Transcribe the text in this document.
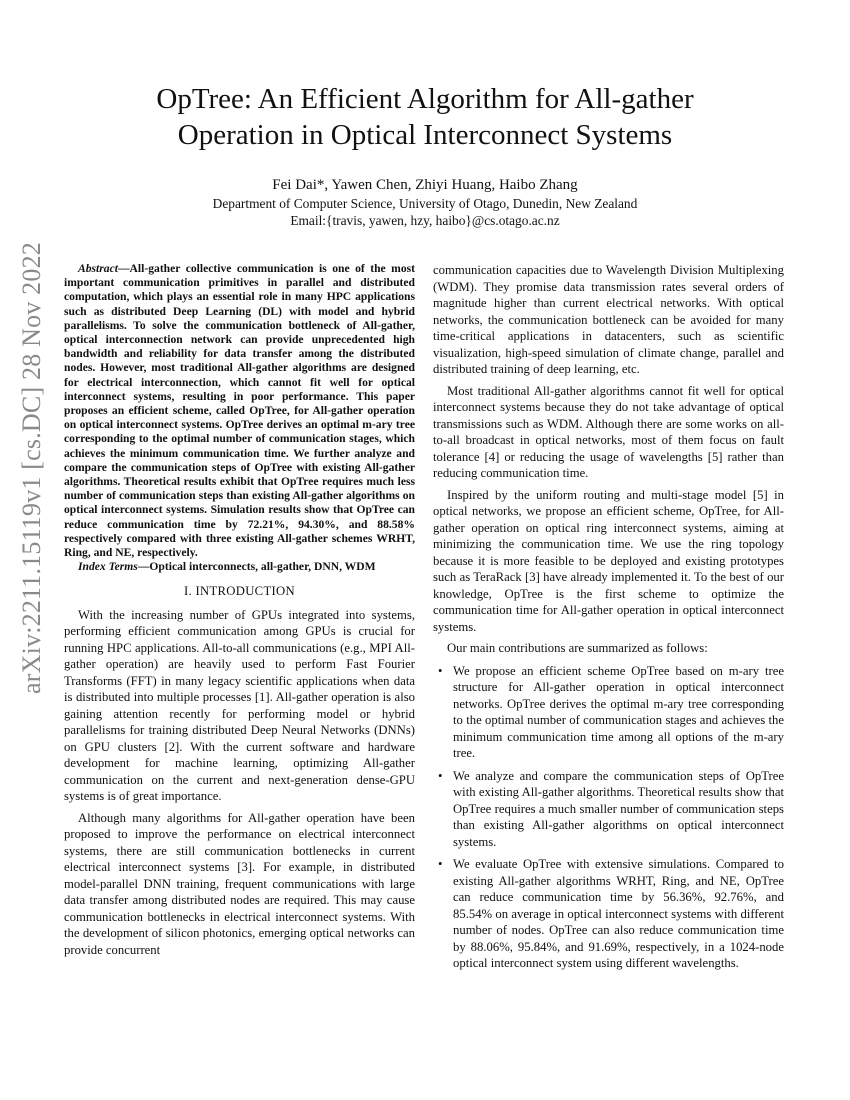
arXiv:2211.15119v1 [cs.DC] 28 Nov 2022
OpTree: An Efficient Algorithm for All-gather
Operation in Optical Interconnect Systems
Fei Dai*, Yawen Chen, Zhiyi Huang, Haibo Zhang
Department of Computer Science, University of Otago, Dunedin, New Zealand
Email:{travis, yawen, hzy, haibo}@cs.otago.ac.nz

Abstract—All-gather collective communication is one of the most important communication primitives in parallel and distributed computation, which plays an essential role in many HPC applications such as distributed Deep Learning (DL) with model and hybrid parallelisms. To solve the communication bottleneck of All-gather, optical interconnection network can provide unprecedented high bandwidth and reliability for data transfer among the distributed nodes. However, most traditional All-gather algorithms are designed for electrical interconnection, which cannot fit well for optical interconnect systems, resulting in poor performance. This paper proposes an efficient scheme, called OpTree, for All-gather operation on optical interconnect systems. OpTree derives an optimal m-ary tree corresponding to the optimal number of communication stages, which achieves the minimum communication time. We further analyze and compare the communication steps of OpTree with existing All-gather algorithms. Theoretical results exhibit that OpTree requires much less number of communication steps than existing All-gather algorithms on optical interconnect systems. Simulation results show that OpTree can reduce communication time by 72.21%, 94.30%, and 88.58% respectively compared with three existing All-gather schemes WRHT, Ring, and NE, respectively.

Index Terms—Optical interconnects, all-gather, DNN, WDM

I. INTRODUCTION

With the increasing number of GPUs integrated into systems, performing efficient communication among GPUs is crucial for running HPC applications. All-to-all communications (e.g., MPI All-gather operation) are heavily used to perform Fast Fourier Transforms (FFT) in many legacy scientific applications when data is distributed into multiple processes [1]. All-gather operation is also gaining attention recently for performing model or hybrid parallelisms for training distributed Deep Neural Networks (DNNs) on GPU clusters [2]. With the current software and hardware development for machine learning, optimizing All-gather communication on the current and next-generation dense-GPU systems is of great importance.

Although many algorithms for All-gather operation have been proposed to improve the performance on electrical interconnect systems, there are still communication bottlenecks in current electrical interconnect systems [3]. For example, in distributed model-parallel DNN training, frequent communications with large data transfer among distributed nodes are required. This may cause communication bottlenecks in electrical interconnect systems. With the development of silicon photonics, emerging optical networks can provide concurrent

communication capacities due to Wavelength Division Multiplexing (WDM). They promise data transmission rates several orders of magnitude higher than current electrical networks. With optical networks, the communication bottleneck can be avoided for many time-critical applications in datacenters, such as scientific visualization, high-speed simulation of climate change, parallel and distributed training of deep learning, etc.

Most traditional All-gather algorithms cannot fit well for optical interconnect systems because they do not take advantage of optical transmissions such as WDM. Although there are some works on all-to-all broadcast in optical networks, most of them focus on fault tolerance [4] or reducing the usage of wavelengths [5] rather than reducing communication time.

Inspired by the uniform routing and multi-stage model [5] in optical networks, we propose an efficient scheme, OpTree, for All-gather operation on optical ring interconnect systems, aiming at minimizing the communication time. We use the ring topology because it is more feasible to be deployed and existing prototypes such as TeraRack [3] have already implemented it. To the best of our knowledge, OpTree is the first scheme to optimize the communication time for All-gather operation in optical interconnect systems.

Our main contributions are summarized as follows:

• We propose an efficient scheme OpTree based on m-ary tree structure for All-gather operation in optical interconnect networks. OpTree derives the optimal m-ary tree corresponding to the optimal number of communication stages and achieves the minimum communication time among all options of the m-ary tree.
• We analyze and compare the communication steps of OpTree with existing All-gather algorithms. Theoretical results show that OpTree requires a much smaller number of communication steps than existing All-gather algorithms on optical interconnect systems.
• We evaluate OpTree with extensive simulations. Compared to existing All-gather algorithms WRHT, Ring, and NE, OpTree can reduce communication time by 56.36%, 92.76%, and 85.54% on average in optical interconnect systems with different number of nodes. OpTree can also reduce communication time by 88.06%, 95.84%, and 91.69%, respectively, in a 1024-node optical interconnect system using different wavelengths.
